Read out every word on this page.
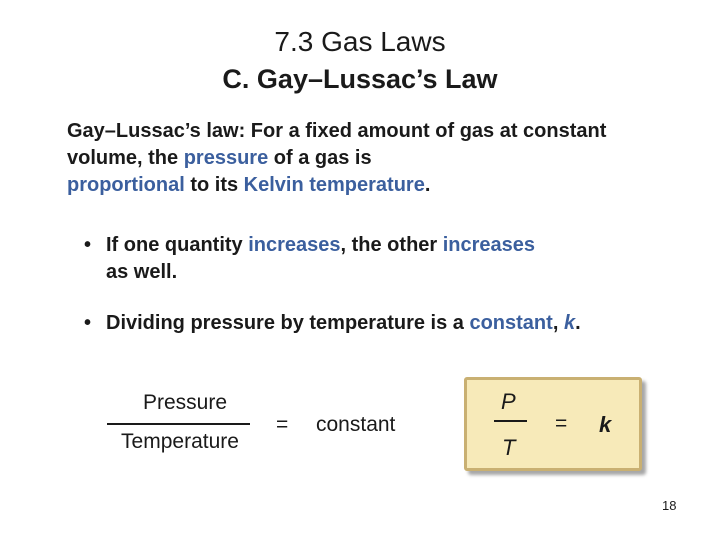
7.3 Gas Laws
C. Gay–Lussac’s Law
Gay–Lussac’s law: For a fixed amount of gas at constant volume, the pressure of a gas is
proportional to its Kelvin temperature.
• If one quantity increases, the other increases
as well.
• Dividing pressure by temperature is a constant, k.
Pressure
Temperature
= constant
P
T
= k
18
